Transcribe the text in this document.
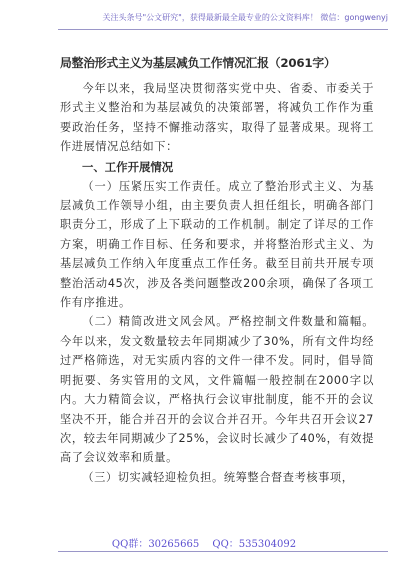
关注头条号"公文研究"，获得最新最全最专业的公文资料库！ 微信：gongwenyj

局整治形式主义为基层减负工作情况汇报（2061字）

今年以来，我局坚决贯彻落实党中央、省委、市委关于形式主义整治和为基层减负的决策部署，将减负工作作为重要政治任务，坚持不懈推动落实，取得了显著成果。现将工作进展情况总结如下：

一、工作开展情况

（一）压紧压实工作责任。成立了整治形式主义、为基层减负工作领导小组，由主要负责人担任组长，明确各部门职责分工，形成了上下联动的工作机制。制定了详尽的工作方案，明确工作目标、任务和要求，并将整治形式主义、为基层减负工作纳入年度重点工作任务。截至目前共开展专项整治活动45次，涉及各类问题整改200余项，确保了各项工作有序推进。

（二）精简改进文风会风。严格控制文件数量和篇幅。今年以来，发文数量较去年同期减少了30%，所有文件均经过严格筛选，对无实质内容的文件一律不发。同时，倡导简明扼要、务实管用的文风，文件篇幅一般控制在2000字以内。大力精简会议，严格执行会议审批制度，能不开的会议坚决不开，能合并召开的会议合并召开。今年共召开会议27次，较去年同期减少了25%，会议时长减少了40%，有效提高了会议效率和质量。

（三）切实减轻迎检负担。统筹整合督查考核事项，

QQ群：30265665 QQ：535304092
